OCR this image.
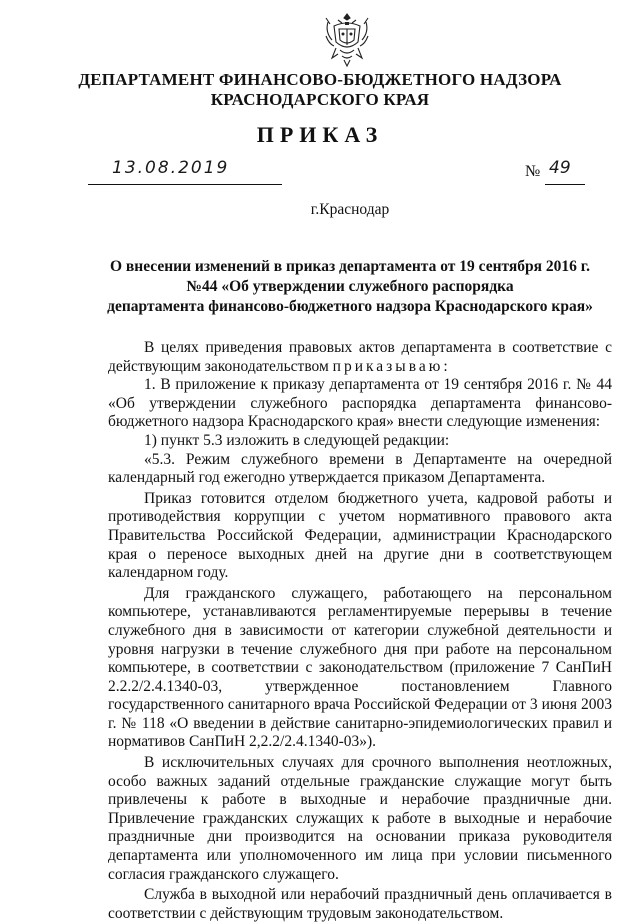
ДЕПАРТАМЕНТ ФИНАНСОВО-БЮДЖЕТНОГО НАДЗОРА
КРАСНОДАРСКОГО КРАЯ
ПРИКАЗ
13.08.2019	№ 49
г.Краснодар
О внесении изменений в приказ департамента от 19 сентября 2016 г.
№44 «Об утверждении служебного распорядка
департамента финансово-бюджетного надзора Краснодарского края»

В целях приведения правовых актов департамента в соответствие с действующим законодательством приказываю:

1. В приложение к приказу департамента от 19 сентября 2016 г. № 44 «Об утверждении служебного распорядка департамента финансово-бюджетного надзора Краснодарского края» внести следующие изменения:

1) пункт 5.3 изложить в следующей редакции:

«5.3. Режим служебного времени в Департаменте на очередной календарный год ежегодно утверждается приказом Департамента.

Приказ готовится отделом бюджетного учета, кадровой работы и противодействия коррупции с учетом нормативного правового акта Правительства Российской Федерации, администрации Краснодарского края о переносе выходных дней на другие дни в соответствующем календарном году.

Для гражданского служащего, работающего на персональном компьютере, устанавливаются регламентируемые перерывы в течение служебного дня в зависимости от категории служебной деятельности и уровня нагрузки в течение служебного дня при работе на персональном компьютере, в соответствии с законодательством (приложение 7 СанПиН 2.2.2/2.4.1340-03, утвержденное постановлением Главного государственного санитарного врача Российской Федерации от 3 июня 2003 г. № 118 «О введении в действие санитарно-эпидемиологических правил и нормативов СанПиН 2,2.2/2.4.1340-03»).

В исключительных случаях для срочного выполнения неотложных, особо важных заданий отдельные гражданские служащие могут быть привлечены к работе в выходные и нерабочие праздничные дни. Привлечение гражданских служащих к работе в выходные и нерабочие праздничные дни производится на основании приказа руководителя департамента или уполномоченного им лица при условии письменного согласия гражданского служащего.

Служба в выходной или нерабочий праздничный день оплачивается в соответствии с действующим трудовым законодательством.
